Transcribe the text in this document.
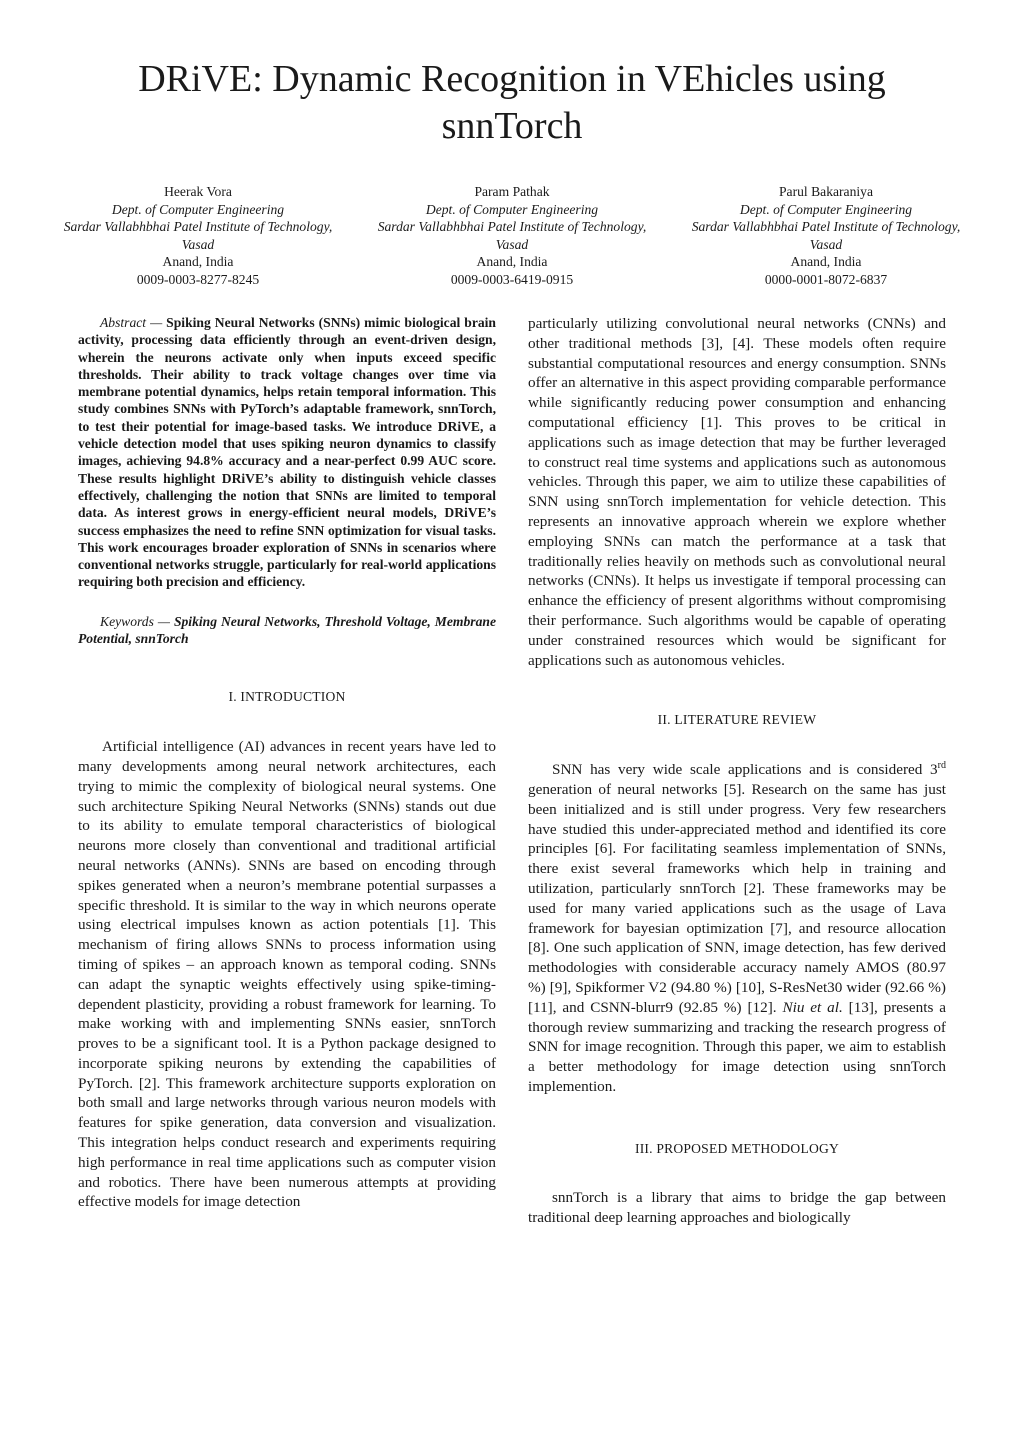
DRiVE: Dynamic Recognition in VEhicles using snnTorch
Heerak Vora
Dept. of Computer Engineering
Sardar Vallabhbhai Patel Institute of Technology, Vasad
Anand, India
0009-0003-8277-8245
Param Pathak
Dept. of Computer Engineering
Sardar Vallabhbhai Patel Institute of Technology, Vasad
Anand, India
0009-0003-6419-0915
Parul Bakaraniya
Dept. of Computer Engineering
Sardar Vallabhbhai Patel Institute of Technology, Vasad
Anand, India
0000-0001-8072-6837

Abstract — Spiking Neural Networks (SNNs) mimic biological brain activity, processing data efficiently through an event-driven design, wherein the neurons activate only when inputs exceed specific thresholds. Their ability to track voltage changes over time via membrane potential dynamics, helps retain temporal information. This study combines SNNs with PyTorch’s adaptable framework, snnTorch, to test their potential for image-based tasks. We introduce DRiVE, a vehicle detection model that uses spiking neuron dynamics to classify images, achieving 94.8% accuracy and a near-perfect 0.99 AUC score. These results highlight DRiVE’s ability to distinguish vehicle classes effectively, challenging the notion that SNNs are limited to temporal data. As interest grows in energy-efficient neural models, DRiVE’s success emphasizes the need to refine SNN optimization for visual tasks. This work encourages broader exploration of SNNs in scenarios where conventional networks struggle, particularly for real-world applications requiring both precision and efficiency.

Keywords — Spiking Neural Networks, Threshold Voltage, Membrane Potential, snnTorch

I. INTRODUCTION

Artificial intelligence (AI) advances in recent years have led to many developments among neural network architectures, each trying to mimic the complexity of biological neural systems. One such architecture Spiking Neural Networks (SNNs) stands out due to its ability to emulate temporal characteristics of biological neurons more closely than conventional and traditional artificial neural networks (ANNs). SNNs are based on encoding through spikes generated when a neuron’s membrane potential surpasses a specific threshold. It is similar to the way in which neurons operate using electrical impulses known as action potentials [1]. This mechanism of firing allows SNNs to process information using timing of spikes – an approach known as temporal coding. SNNs can adapt the synaptic weights effectively using spike-timing-dependent plasticity, providing a robust framework for learning. To make working with and implementing SNNs easier, snnTorch proves to be a significant tool. It is a Python package designed to incorporate spiking neurons by extending the capabilities of PyTorch. [2]. This framework architecture supports exploration on both small and large networks through various neuron models with features for spike generation, data conversion and visualization. This integration helps conduct research and experiments requiring high performance in real time applications such as computer vision and robotics. There have been numerous attempts at providing effective models for image detection

particularly utilizing convolutional neural networks (CNNs) and other traditional methods [3], [4]. These models often require substantial computational resources and energy consumption. SNNs offer an alternative in this aspect providing comparable performance while significantly reducing power consumption and enhancing computational efficiency [1]. This proves to be critical in applications such as image detection that may be further leveraged to construct real time systems and applications such as autonomous vehicles. Through this paper, we aim to utilize these capabilities of SNN using snnTorch implementation for vehicle detection. This represents an innovative approach wherein we explore whether employing SNNs can match the performance at a task that traditionally relies heavily on methods such as convolutional neural networks (CNNs). It helps us investigate if temporal processing can enhance the efficiency of present algorithms without compromising their performance. Such algorithms would be capable of operating under constrained resources which would be significant for applications such as autonomous vehicles.

II. LITERATURE REVIEW

SNN has very wide scale applications and is considered 3rd generation of neural networks [5]. Research on the same has just been initialized and is still under progress. Very few researchers have studied this under-appreciated method and identified its core principles [6]. For facilitating seamless implementation of SNNs, there exist several frameworks which help in training and utilization, particularly snnTorch [2]. These frameworks may be used for many varied applications such as the usage of Lava framework for bayesian optimization [7], and resource allocation [8]. One such application of SNN, image detection, has few derived methodologies with considerable accuracy namely AMOS (80.97 %) [9], Spikformer V2 (94.80 %) [10], S-ResNet30 wider (92.66 %) [11], and CSNN-blurr9 (92.85 %) [12]. Niu et al. [13], presents a thorough review summarizing and tracking the research progress of SNN for image recognition. Through this paper, we aim to establish a better methodology for image detection using snnTorch implemention.

III. PROPOSED METHODOLOGY

snnTorch is a library that aims to bridge the gap between traditional deep learning approaches and biologically
